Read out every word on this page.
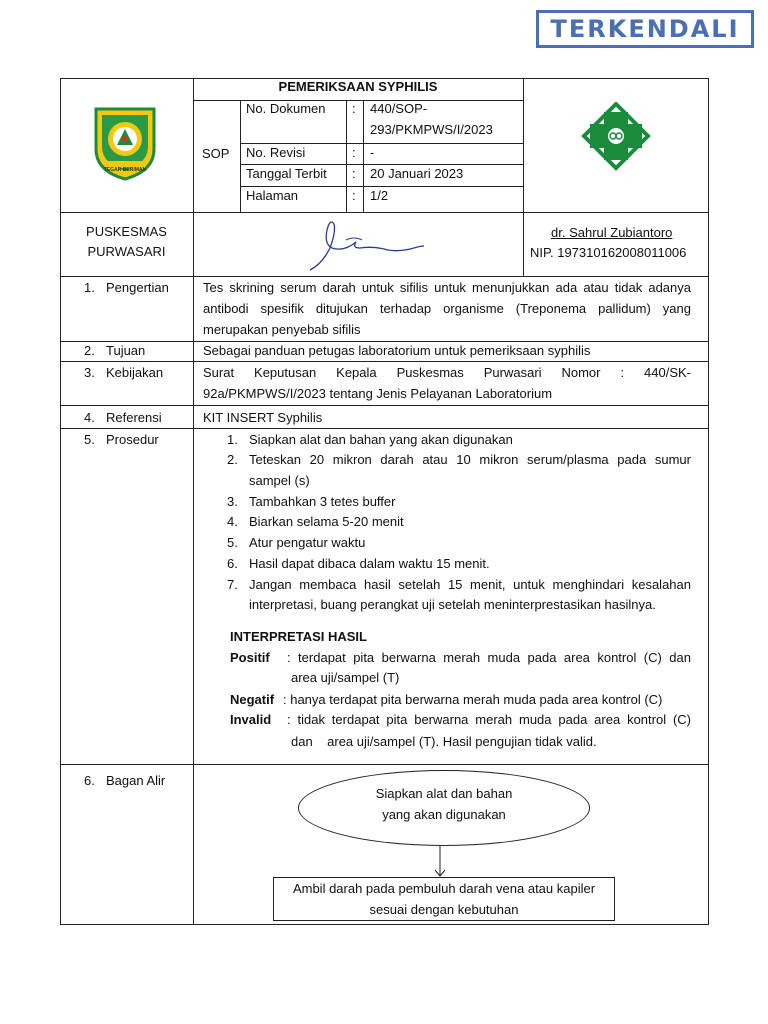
TERKENDALI
TEGAR BERIMAN
PEMERIKSAAN SYPHILIS
SOP
No. Dokumen : 440/SOP-
293/PKMPWS/I/2023
No. Revisi	: -
Tanggal Terbit : 20 Januari 2023
Halaman	: 1/2
PUSKESMAS
PURWASARI
dr. Sahrul Zubiantoro
NIP. 197310162008011006
1. Pengertian	Tes skrining serum darah untuk sifilis untuk menunjukkan ada atau tidak adanya
antibodi spesifik ditujukan terhadap organisme (Treponema pallidum) yang
merupakan penyebab sifilis
2. Tujuan	Sebagai panduan petugas laboratorium untuk pemeriksaan syphilis
3. Kebijakan	Surat Keputusan Kepala Puskesmas Purwasari Nomor : 440/SK-
92a/PKMPWS/I/2023 tentang Jenis Pelayanan Laboratorium
4. Referensi	KIT INSERT Syphilis
5. Prosedur	1. Siapkan alat dan bahan yang akan digunakan
2. Teteskan 20 mikron darah atau 10 mikron serum/plasma pada sumur
sampel (s)
3. Tambahkan 3 tetes buffer
4. Biarkan selama 5-20 menit
5. Atur pengatur waktu
6. Hasil dapat dibaca dalam waktu 15 menit.
7. Jangan membaca hasil setelah 15 menit, untuk menghindari kesalahan
interpretasi, buang perangkat uji setelah meninterprestasikan hasilnya.
INTERPRETASI HASIL
Positif : terdapat pita berwarna merah muda pada area kontrol (C) dan
area uji/sampel (T)
Negatif : hanya terdapat pita berwarna merah muda pada area kontrol (C)
Invalid : tidak terdapat pita berwarna merah muda pada area kontrol (C)
dan    area uji/sampel (T). Hasil pengujian tidak valid.
6. Bagan Alir
Siapkan alat dan bahan
yang akan digunakan
Ambil darah pada pembuluh darah vena atau kapiler
sesuai dengan kebutuhan
